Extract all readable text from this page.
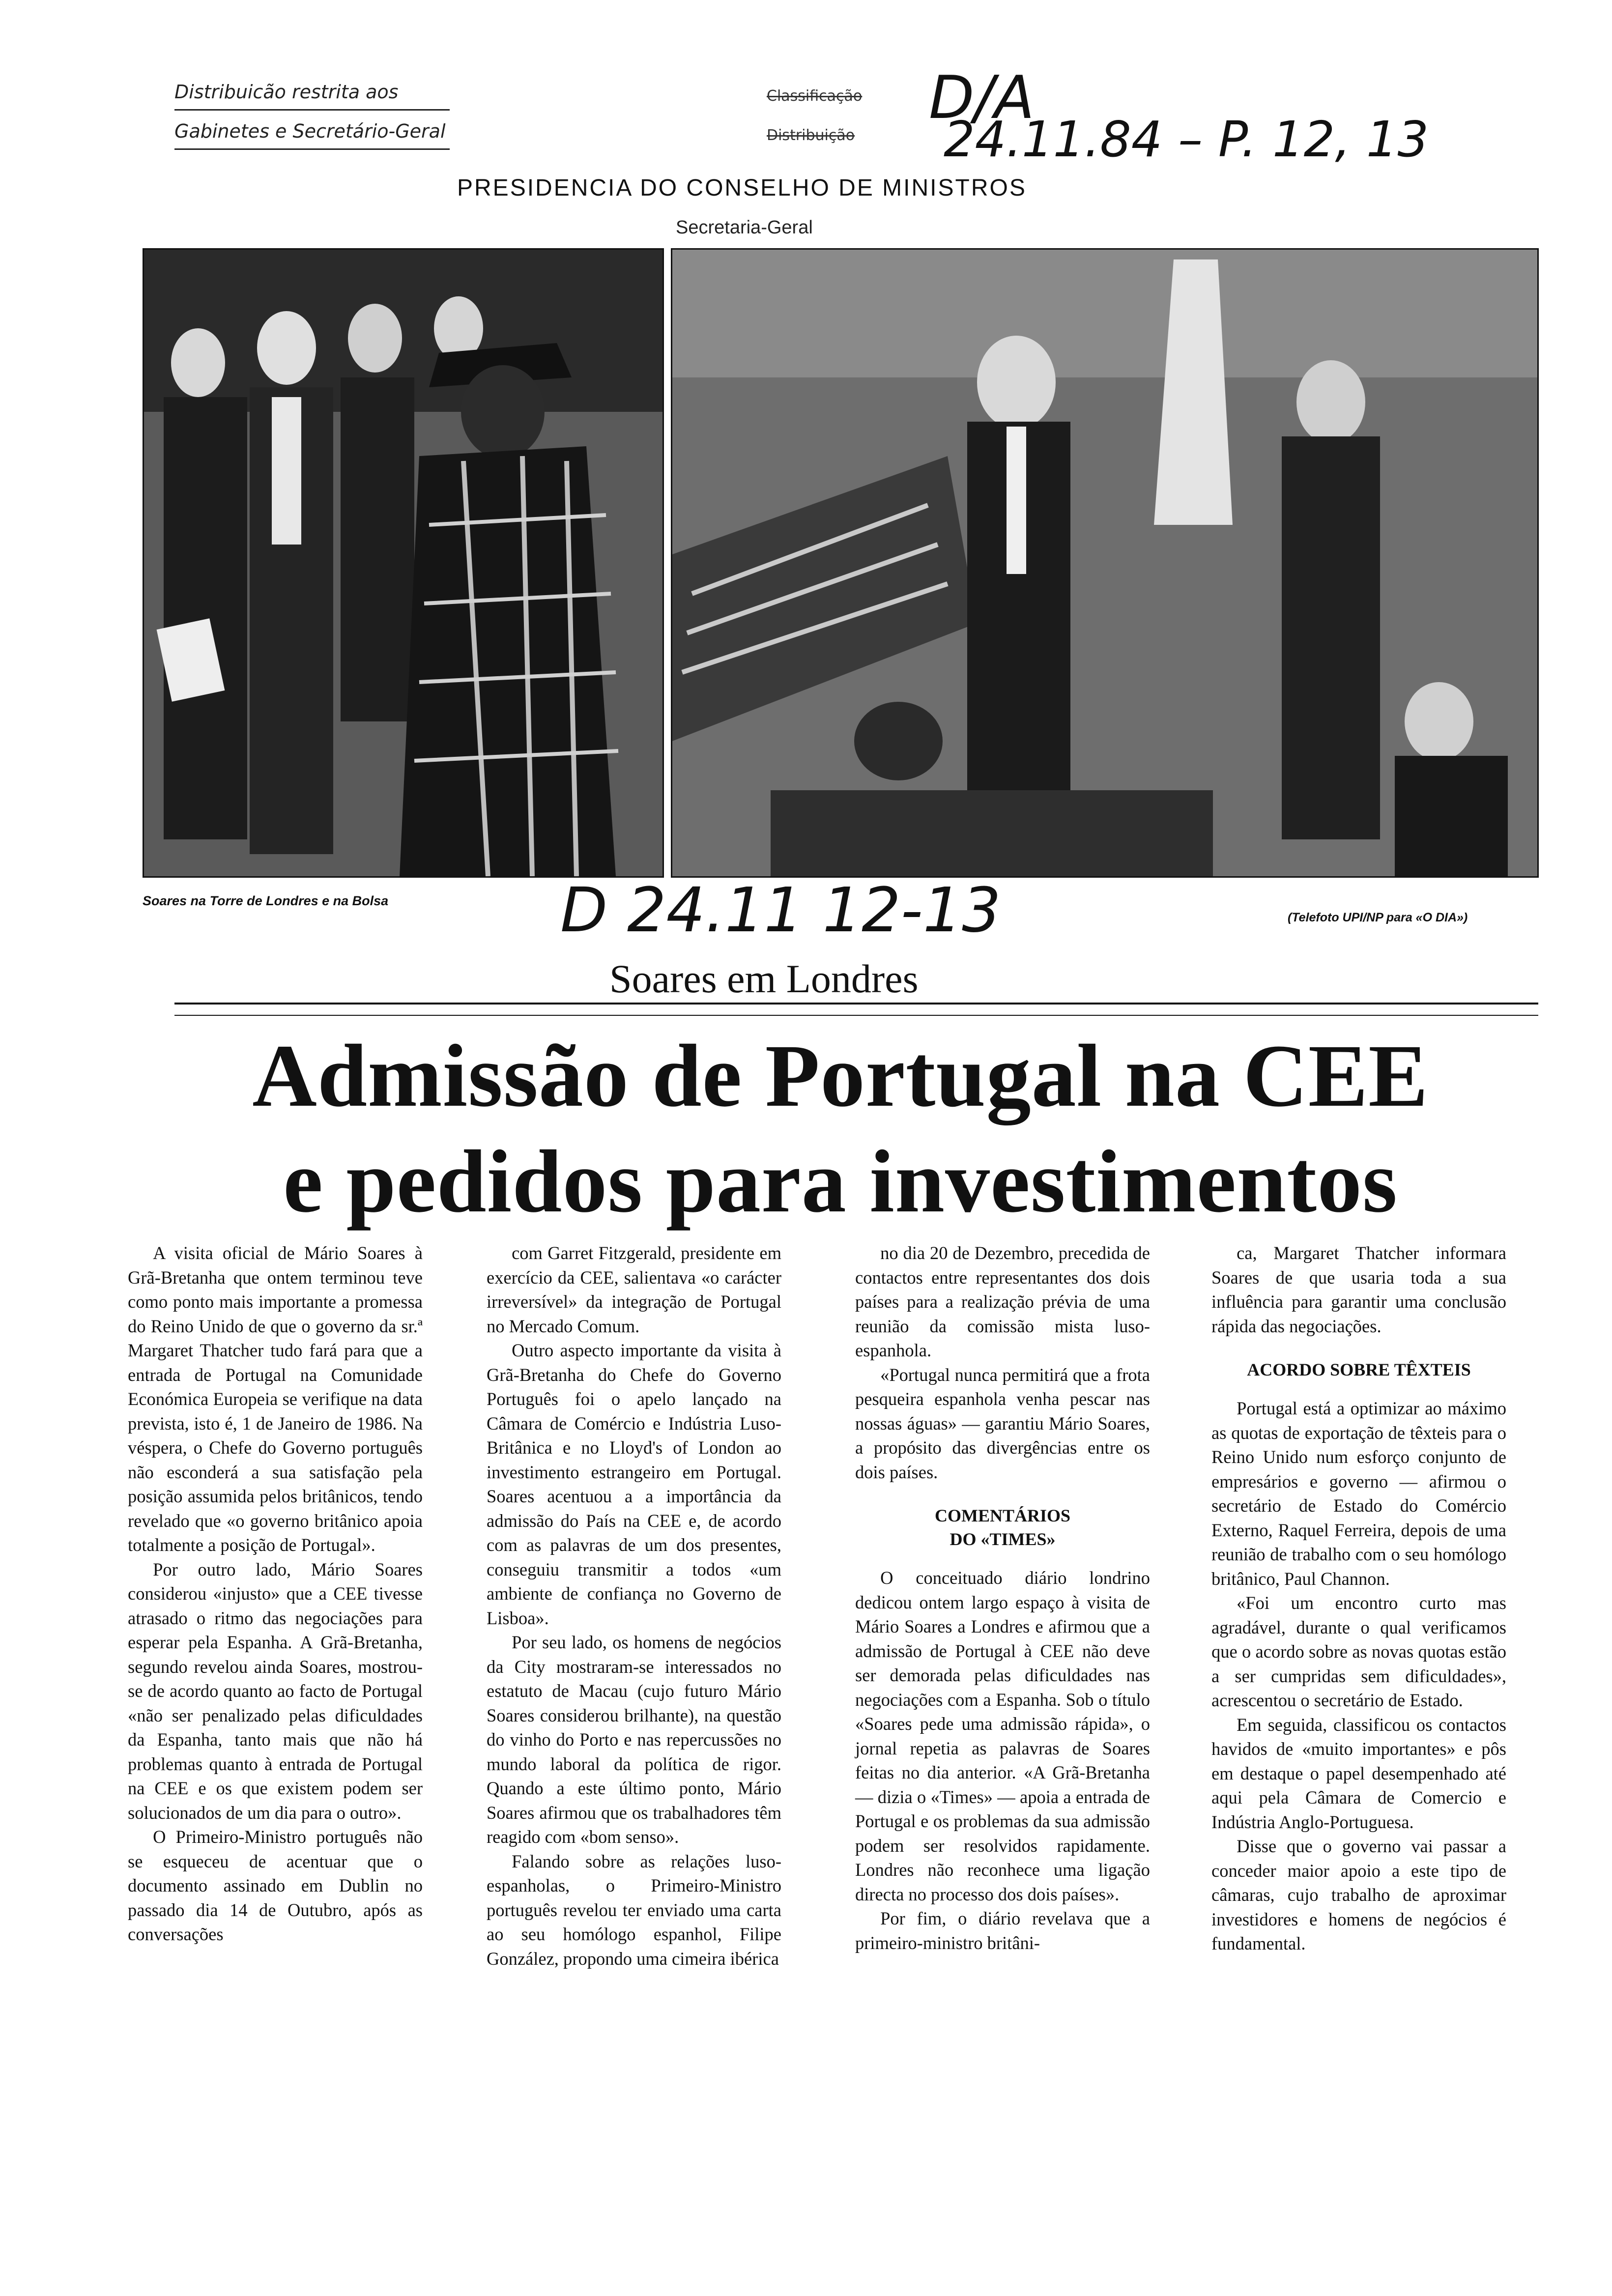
Distribuicão restrita aos
Gabinetes e Secretário-Geral
Classificação
Distribuição
D/A
24.11.84 – P. 12, 13
PRESIDENCIA DO CONSELHO DE MINISTROS
Secretaria-Geral
Soares na Torre de Londres e na Bolsa
(Telefoto UPI/NP para «O DIA»)
D 24.11 12-13
Soares em Londres
Admissão de Portugal na CEE
e pedidos para investimentos

A visita oficial de Mário Soares à Grã-Bretanha que ontem terminou teve como ponto mais importante a promessa do Reino Unido de que o governo da sr.ª Margaret Thatcher tudo fará para que a entrada de Portugal na Comunidade Económica Europeia se verifique na data prevista, isto é, 1 de Janeiro de 1986. Na véspera, o Chefe do Governo português não esconderá a sua satisfação pela posição assumida pelos britânicos, tendo revelado que «o governo britânico apoia totalmente a posição de Portugal».

Por outro lado, Mário Soares considerou «injusto» que a CEE tivesse atrasado o ritmo das negociações para esperar pela Espanha. A Grã-Bretanha, segundo revelou ainda Soares, mostrou-se de acordo quanto ao facto de Portugal «não ser penalizado pelas dificuldades da Espanha, tanto mais que não há problemas quanto à entrada de Portugal na CEE e os que existem podem ser solucionados de um dia para o outro».

O Primeiro-Ministro português não se esqueceu de acentuar que o documento assinado em Dublin no passado dia 14 de Outubro, após as conversações

com Garret Fitzgerald, presidente em exercício da CEE, salientava «o carácter irreversível» da integração de Portugal no Mercado Comum.

Outro aspecto importante da visita à Grã-Bretanha do Chefe do Governo Português foi o apelo lançado na Câmara de Comércio e Indústria Luso-Britânica e no Lloyd's of London ao investimento estrangeiro em Portugal. Soares acentuou a a importância da admissão do País na CEE e, de acordo com as palavras de um dos presentes, conseguiu transmitir a todos «um ambiente de confiança no Governo de Lisboa».

Por seu lado, os homens de negócios da City mostraram-se interessados no estatuto de Macau (cujo futuro Mário Soares considerou brilhante), na questão do vinho do Porto e nas repercussões no mundo laboral da política de rigor. Quando a este último ponto, Mário Soares afirmou que os trabalhadores têm reagido com «bom senso».

Falando sobre as relações luso-espanholas, o Primeiro-Ministro português revelou ter enviado uma carta ao seu homólogo espanhol, Filipe González, propondo uma cimeira ibérica

no dia 20 de Dezembro, precedida de contactos entre representantes dos dois países para a realização prévia de uma reunião da comissão mista luso-espanhola.

«Portugal nunca permitirá que a frota pesqueira espanhola venha pescar nas nossas águas» — garantiu Mário Soares, a propósito das divergências entre os dois países.

COMENTÁRIOS
DO «TIMES»

O conceituado diário londrino dedicou ontem largo espaço à visita de Mário Soares a Londres e afirmou que a admissão de Portugal à CEE não deve ser demorada pelas dificuldades nas negociações com a Espanha. Sob o título «Soares pede uma admissão rápida», o jornal repetia as palavras de Soares feitas no dia anterior. «A Grã-Bretanha — dizia o «Times» — apoia a entrada de Portugal e os problemas da sua admissão podem ser resolvidos rapidamente. Londres não reconhece uma ligação directa no processo dos dois países».

Por fim, o diário revelava que a primeiro-ministro britâni-

ca, Margaret Thatcher informara Soares de que usaria toda a sua influência para garantir uma conclusão rápida das negociações.

ACORDO SOBRE TÊXTEIS

Portugal está a optimizar ao máximo as quotas de exportação de têxteis para o Reino Unido num esforço conjunto de empresários e governo — afirmou o secretário de Estado do Comércio Externo, Raquel Ferreira, depois de uma reunião de trabalho com o seu homólogo britânico, Paul Channon.

«Foi um encontro curto mas agradável, durante o qual verificamos que o acordo sobre as novas quotas estão a ser cumpridas sem dificuldades», acrescentou o secretário de Estado.

Em seguida, classificou os contactos havidos de «muito importantes» e pôs em destaque o papel desempenhado até aqui pela Câmara de Comercio e Indústria Anglo-Portuguesa.

Disse que o governo vai passar a conceder maior apoio a este tipo de câmaras, cujo trabalho de aproximar investidores e homens de negócios é fundamental.
